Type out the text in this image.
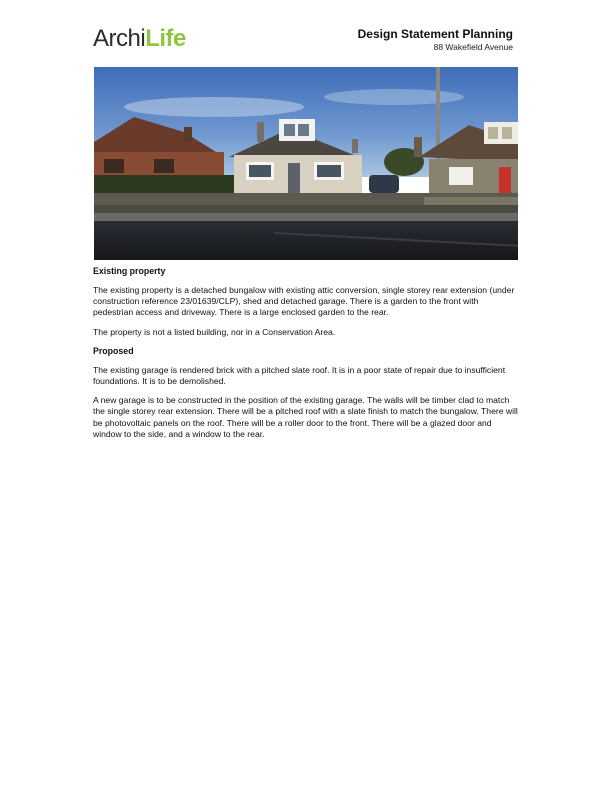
ArchiLife	Design Statement Planning
88 Wakefield Avenue
Existing property

The existing property is a detached bungalow with existing attic conversion, single storey rear extension (under construction reference 23/01639/CLP), shed and detached garage. There is a garden to the front with pedestrian access and driveway. There is a large enclosed garden to the rear.

The property is not a listed building, nor in a Conservation Area.

Proposed

The existing garage is rendered brick with a pitched slate roof. It is in a poor state of repair due to insufficient foundations. It is to be demolished.

A new garage is to be constructed in the position of the existing garage. The walls will be timber clad to match the single storey rear extension. There will be a pitched roof with a slate finish to match the bungalow. There will be photovoltaic panels on the roof. There will be a roller door to the front. There will be a glazed door and window to the side, and a window to the rear.
